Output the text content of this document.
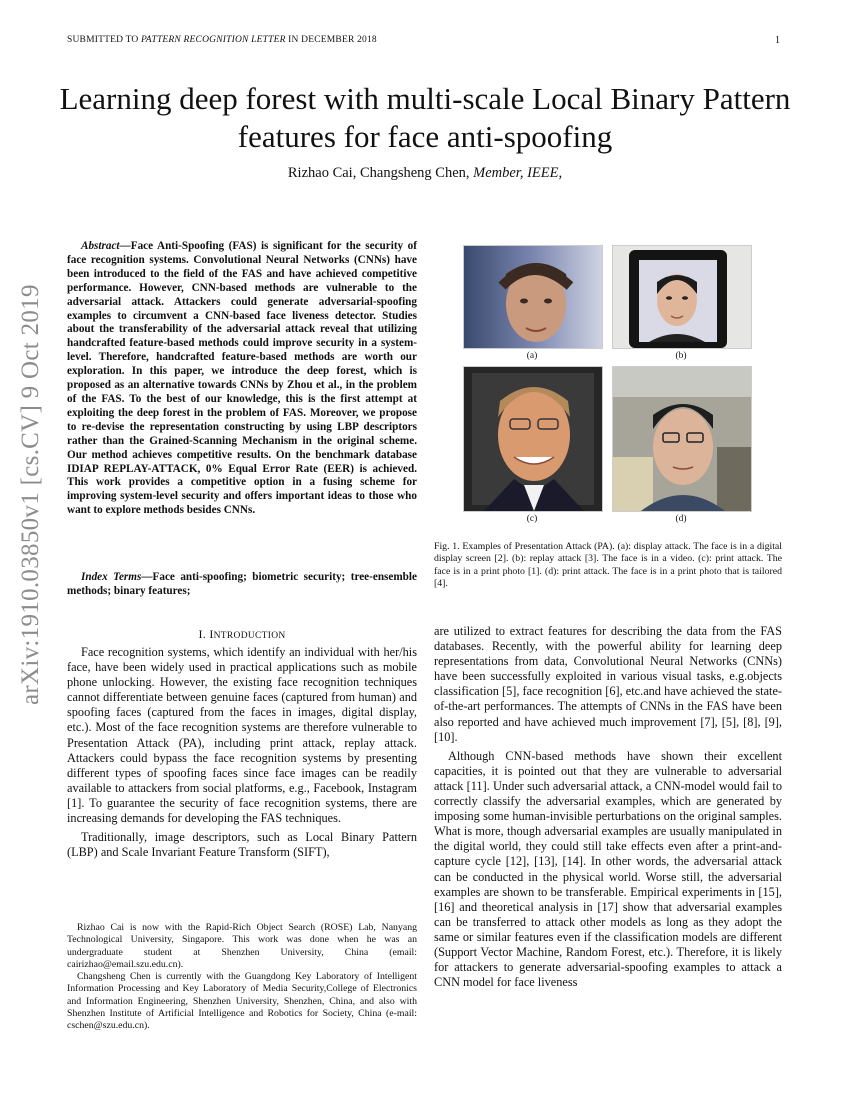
SUBMITTED TO PATTERN RECOGNITION LETTER IN DECEMBER 2018	1
arXiv:1910.03850v1 [cs.CV] 9 Oct 2019
Learning deep forest with multi-scale Local Binary Pattern features for face anti-spoofing
Rizhao Cai, Changsheng Chen, Member, IEEE,

Abstract—Face Anti-Spoofing (FAS) is significant for the security of face recognition systems. Convolutional Neural Networks (CNNs) have been introduced to the field of the FAS and have achieved competitive performance. However, CNN-based methods are vulnerable to the adversarial attack. Attackers could generate adversarial-spoofing examples to circumvent a CNN-based face liveness detector. Studies about the transferability of the adversarial attack reveal that utilizing handcrafted feature-based methods could improve security in a system-level. Therefore, handcrafted feature-based methods are worth our exploration. In this paper, we introduce the deep forest, which is proposed as an alternative towards CNNs by Zhou et al., in the problem of the FAS. To the best of our knowledge, this is the first attempt at exploiting the deep forest in the problem of FAS. Moreover, we propose to re-devise the representation constructing by using LBP descriptors rather than the Grained-Scanning Mechanism in the original scheme. Our method achieves competitive results. On the benchmark database IDIAP REPLAY-ATTACK, 0% Equal Error Rate (EER) is achieved. This work provides a competitive option in a fusing scheme for improving system-level security and offers important ideas to those who want to explore methods besides CNNs.

Index Terms—Face anti-spoofing; biometric security; tree-ensemble methods; binary features;

I. INTRODUCTION

Face recognition systems, which identify an individual with her/his face, have been widely used in practical applications such as mobile phone unlocking. However, the existing face recognition techniques cannot differentiate between genuine faces (captured from human) and spoofing faces (captured from the faces in images, digital display, etc.). Most of the face recognition systems are therefore vulnerable to Presentation Attack (PA), including print attack, replay attack. Attackers could bypass the face recognition systems by presenting different types of spoofing faces since face images can be readily available to attackers from social platforms, e.g., Facebook, Instagram [1]. To guarantee the security of face recognition systems, there are increasing demands for developing the FAS techniques.

Traditionally, image descriptors, such as Local Binary Pattern (LBP) and Scale Invariant Feature Transform (SIFT),

Rizhao Cai is now with the Rapid-Rich Object Search (ROSE) Lab, Nanyang Technological University, Singapore. This work was done when he was an undergraduate student at Shenzhen University, China (email: cairizhao@email.szu.edu.cn).

Changsheng Chen is currently with the Guangdong Key Laboratory of Intelligent Information Processing and Key Laboratory of Media Security,College of Electronics and Information Engineering, Shenzhen University, Shenzhen, China, and also with Shenzhen Institute of Artificial Intelligence and Robotics for Society, China (e-mail: cschen@szu.edu.cn).

are utilized to extract features for describing the data from the FAS databases. Recently, with the powerful ability for learning deep representations from data, Convolutional Neural Networks (CNNs) have been successfully exploited in various visual tasks, e.g.objects classification [5], face recognition [6], etc.and have achieved the state-of-the-art performances. The attempts of CNNs in the FAS have been also reported and have achieved much improvement [7], [5], [8], [9], [10].

Although CNN-based methods have shown their excellent capacities, it is pointed out that they are vulnerable to adversarial attack [11]. Under such adversarial attack, a CNN-model would fail to correctly classify the adversarial examples, which are generated by imposing some human-invisible perturbations on the original samples. What is more, though adversarial examples are usually manipulated in the digital world, they could still take effects even after a print-and-capture cycle [12], [13], [14]. In other words, the adversarial attack can be conducted in the physical world. Worse still, the adversarial examples are shown to be transferable. Empirical experiments in [15], [16] and theoretical analysis in [17] show that adversarial examples can be transferred to attack other models as long as they adopt the same or similar features even if the classification models are different (Support Vector Machine, Random Forest, etc.). Therefore, it is likely for attackers to generate adversarial-spoofing examples to attack a CNN model for face liveness

(a)	(b)
(c)	(d)
Fig. 1. Examples of Presentation Attack (PA). (a): display attack. The face is in a digital display screen [2]. (b): replay attack [3]. The face is in a video. (c): print attack. The face is in a print photo [1]. (d): print attack. The face is in a print photo that is tailored [4].
